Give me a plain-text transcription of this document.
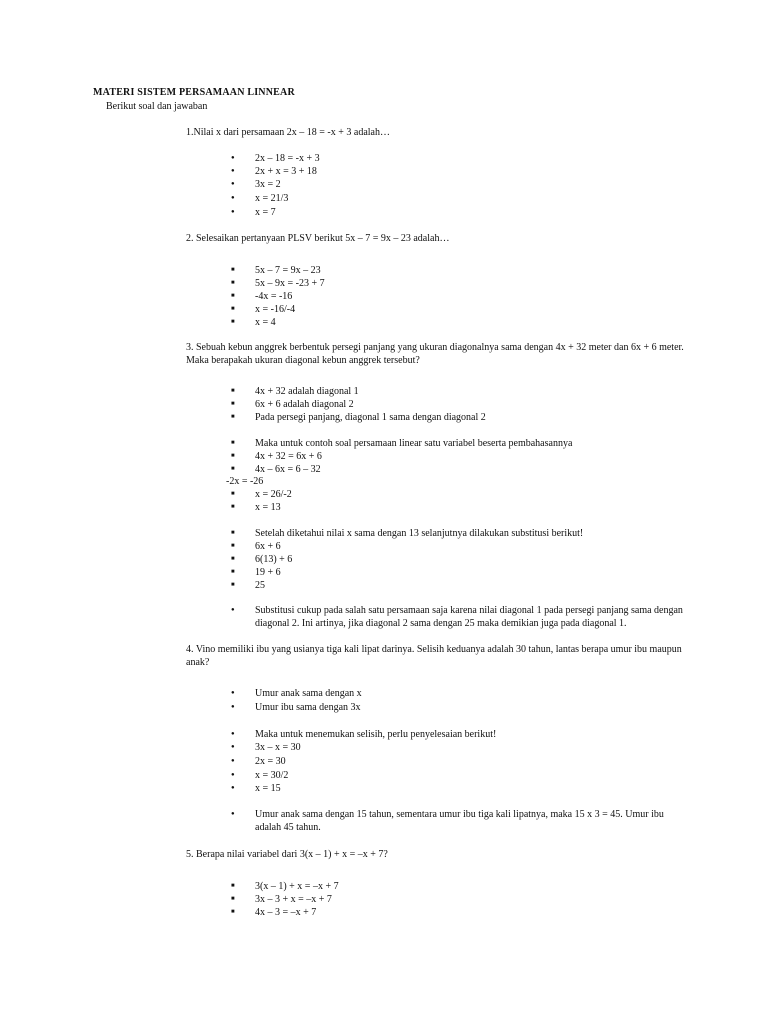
MATERI SISTEM PERSAMAAN LINNEAR
Berikut soal dan jawaban
1.Nilai x dari persamaan 2x – 18 = -x + 3 adalah…
●
2x – 18 = -x + 3
●
2x + x = 3 + 18
●
3x = 2
●
x = 21/3
●
x = 7
2. Selesaikan pertanyaan PLSV berikut 5x – 7 = 9x – 23 adalah…
■
5x – 7 = 9x – 23
■
5x – 9x = -23 + 7
■
-4x = -16
■
x = -16/-4
■
x = 4
3. Sebuah kebun anggrek berbentuk persegi panjang yang ukuran diagonalnya sama dengan 4x + 32 meter dan 6x + 6 meter. Maka berapakah ukuran diagonal kebun anggrek tersebut?
■
4x + 32 adalah diagonal 1
■
6x + 6 adalah diagonal 2
■
Pada persegi panjang, diagonal 1 sama dengan diagonal 2
■
Maka untuk contoh soal persamaan linear satu variabel beserta pembahasannya
■
4x + 32 = 6x + 6
■
4x – 6x = 6 – 32
-2x = -26
■
x = 26/-2
■
x = 13
■
Setelah diketahui nilai x sama dengan 13 selanjutnya dilakukan substitusi berikut!
■
6x + 6
■
6(13) + 6
■
19 + 6
■
25
●
Substitusi cukup pada salah satu persamaan saja karena nilai diagonal 1 pada persegi panjang sama dengan diagonal 2. Ini artinya, jika diagonal 2 sama dengan 25 maka demikian juga pada diagonal 1.
4. Vino memiliki ibu yang usianya tiga kali lipat darinya. Selisih keduanya adalah 30 tahun, lantas berapa umur ibu maupun anak?
●
Umur anak sama dengan x
●
Umur ibu sama dengan 3x
●
Maka untuk menemukan selisih, perlu penyelesaian berikut!
●
3x – x = 30
●
2x = 30
●
x = 30/2
●
x = 15
●
Umur anak sama dengan 15 tahun, sementara umur ibu tiga kali lipatnya, maka 15 x 3 = 45. Umur ibu adalah 45 tahun.
5. Berapa nilai variabel dari 3(x – 1) + x = –x + 7?
■
3(x – 1) + x = –x + 7
■
3x – 3 + x = –x + 7
■
4x – 3 = –x + 7
